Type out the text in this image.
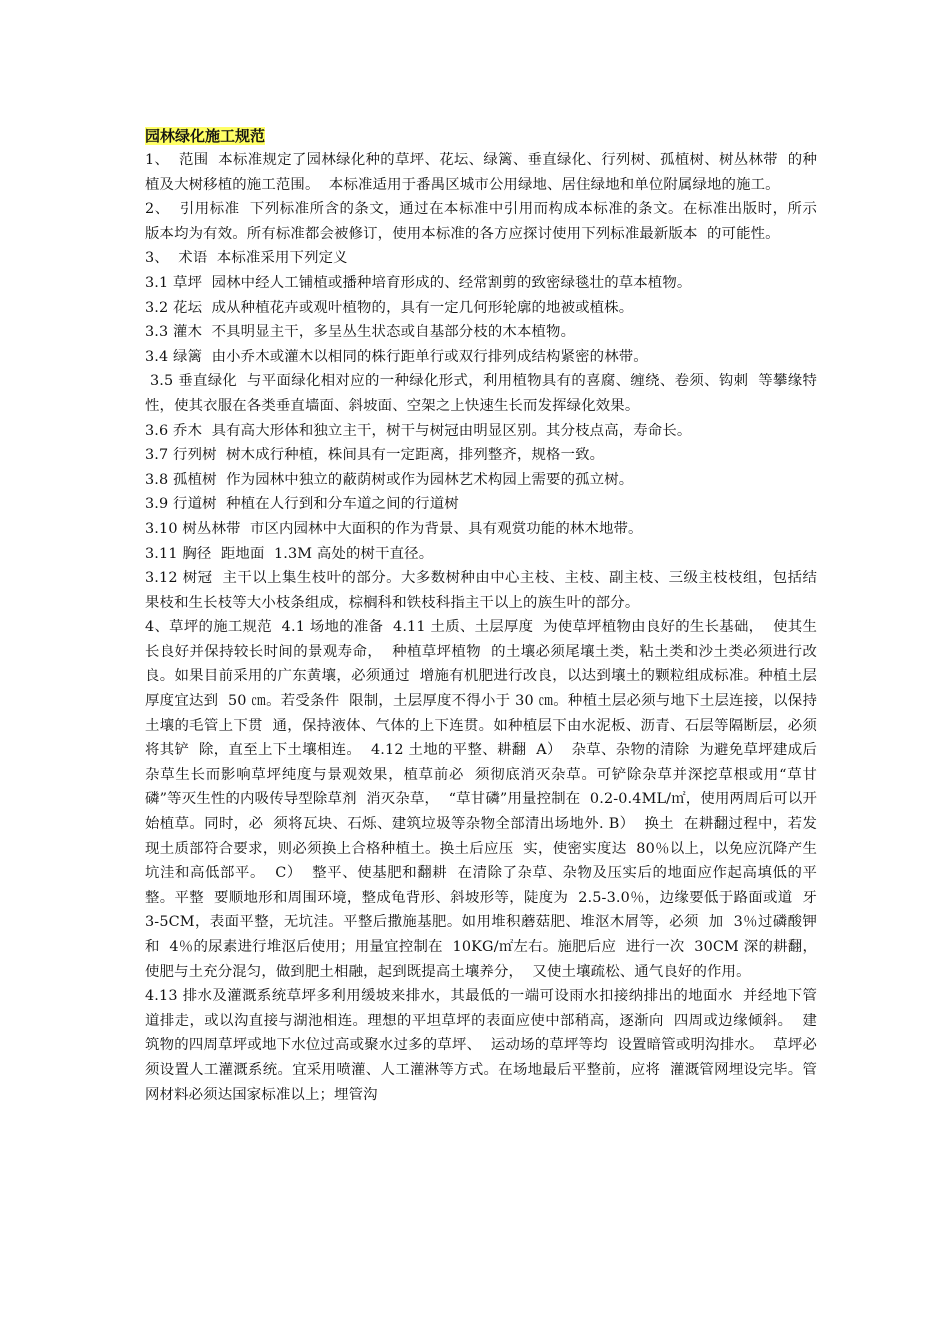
园林绿化施工规范

1、  范围  本标准规定了园林绿化种的草坪、花坛、绿篱、垂直绿化、行列树、孤植树、树丛林带  的种植及大树移植的施工范围。  本标准适用于番禺区城市公用绿地、居住绿地和单位附属绿地的施工。

2、  引用标准  下列标准所含的条文，通过在本标准中引用而构成本标准的条文。在标准出版时，所示  版本均为有效。所有标准都会被修订，使用本标准的各方应探讨使用下列标准最新版本  的可能性。

3、  术语  本标准采用下列定义

3.1 草坪  园林中经人工铺植或播种培育形成的、经常割剪的致密绿毯壮的草本植物。

3.2 花坛  成从种植花卉或观叶植物的，具有一定几何形轮廓的地被或植株。

3.3 灌木  不具明显主干，多呈丛生状态或自基部分枝的木本植物。

3.4 绿篱  由小乔木或灌木以相同的株行距单行或双行排列成结构紧密的林带。

3.5 垂直绿化  与平面绿化相对应的一种绿化形式，利用植物具有的喜腐、缠绕、卷须、钩刺  等攀缘特性，使其衣服在各类垂直墙面、斜坡面、空架之上快速生长而发挥绿化效果。

3.6 乔木  具有高大形体和独立主干，树干与树冠由明显区别。其分枝点高，寿命长。

3.7 行列树  树木成行种植，株间具有一定距离，排列整齐，规格一致。

3.8 孤植树  作为园林中独立的蔽荫树或作为园林艺术构园上需要的孤立树。

3.9 行道树  种植在人行到和分车道之间的行道树

3.10 树丛林带  市区内园林中大面积的作为背景、具有观赏功能的林木地带。

3.11 胸径  距地面  1.3M 高处的树干直径。

3.12 树冠  主干以上集生枝叶的部分。大多数树种由中心主枝、主枝、副主枝、三级主枝枝组，包括结果枝和生长枝等大小枝条组成，棕榈科和铁枝科指主干以上的族生叶的部分。

4、草坪的施工规范  4.1 场地的准备  4.11 土质、土层厚度  为使草坪植物由良好的生长基础，  使其生长良好并保持较长时间的景观寿命，  种植草坪植物  的土壤必须尾壤土类，粘土类和沙土类必须进行改良。如果目前采用的广东黄壤，必须通过  增施有机肥进行改良，以达到壤土的颗粒组成标准。种植土层厚度宜达到  50 ㎝。若受条件  限制，土层厚度不得小于 30 ㎝。种植土层必须与地下土层连接，以保持土壤的毛管上下贯  通，保持液体、气体的上下连贯。如种植层下由水泥板、沥青、石层等隔断层，必须将其铲  除，直至上下土壤相连。  4.12 土地的平整、耕翻  A）  杂草、杂物的清除  为避免草坪建成后杂草生长而影响草坪纯度与景观效果，植草前必  须彻底消灭杂草。可铲除杂草并深挖草根或用“草甘磷”等灭生性的内吸传导型除草剂  消灭杂草，  “草甘磷”用量控制在  0.2-0.4ML/㎡，使用两周后可以开始植草。同时，必  须将瓦块、石烁、建筑垃圾等杂物全部清出场地外. B）  换土  在耕翻过程中，若发现土质部符合要求，则必须换上合格种植土。换土后应压  实，使密实度达  80％以上，以免应沉降产生坑洼和高低部平。  C）  整平、使基肥和翻耕  在清除了杂草、杂物及压实后的地面应作起高填低的平整。平整  要顺地形和周围环境，整成龟背形、斜坡形等，陡度为  2.5-3.0％，边缘要低于路面或道  牙  3-5CM，表面平整，无坑洼。平整后撒施基肥。如用堆积蘑菇肥、堆沤木屑等，必须  加  3％过磷酸钾和  4％的尿素进行堆沤后使用；用量宜控制在  10KG/㎡左右。施肥后应  进行一次  30CM 深的耕翻，使肥与土充分混匀，做到肥土相融，起到既提高土壤养分，  又使土壤疏松、通气良好的作用。

4.13 排水及灌溉系统草坪多利用缓坡来排水，其最低的一端可设雨水扣接纳排出的地面水  并经地下管道排走，或以沟直接与湖池相连。理想的平坦草坪的表面应使中部稍高，逐渐向  四周或边缘倾斜。  建筑物的四周草坪或地下水位过高或聚水过多的草坪、  运动场的草坪等均  设置暗管或明沟排水。  草坪必须设置人工灌溉系统。宜采用喷灌、人工灌淋等方式。在场地最后平整前，应将  灌溉管网埋设完毕。管网材料必须达国家标准以上；埋管沟
